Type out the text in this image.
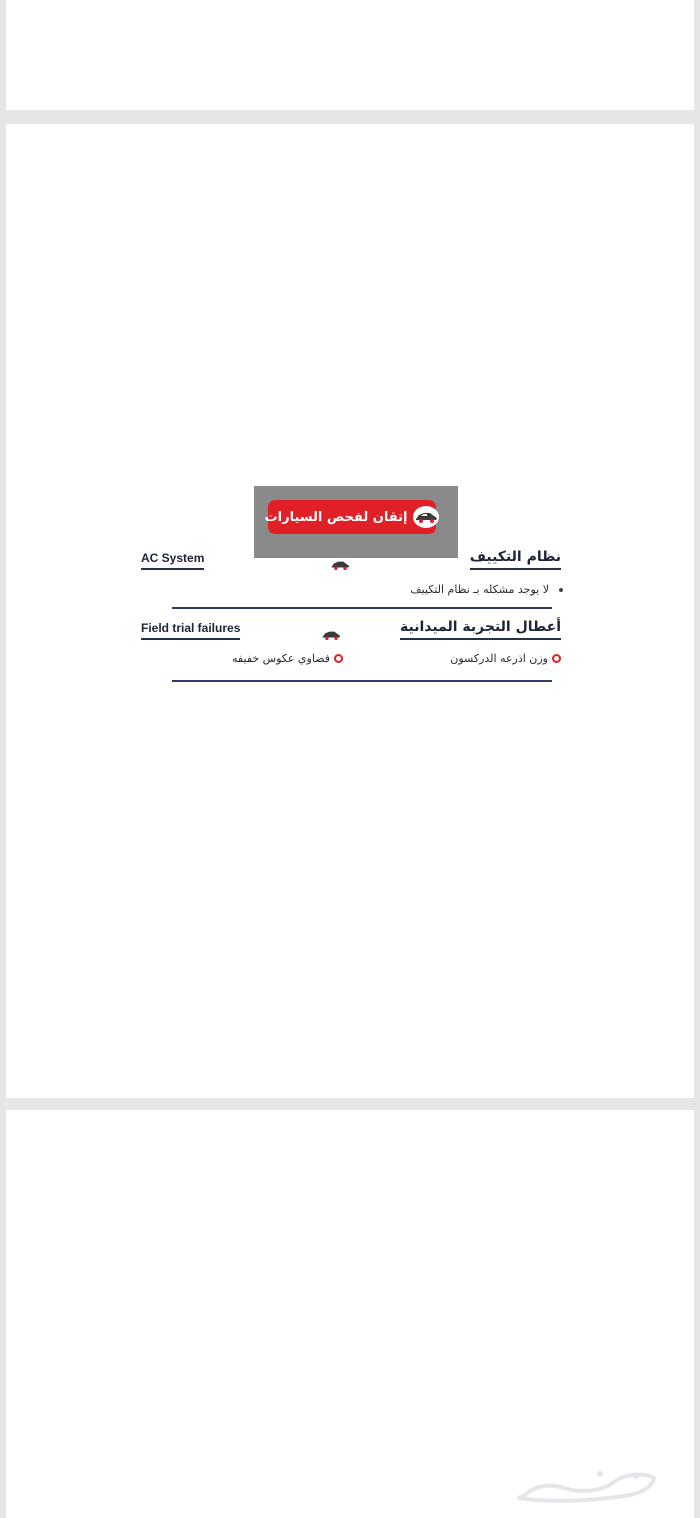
إتقان لفحص السيارات
نظام التكييف
AC System
لا يوجد مشكله بـ نظام التكييف
أعطال التجربة الميدانية
Field trial failures
وزن اذرعه الدركسون
فضاوي عكوس خفيفه
